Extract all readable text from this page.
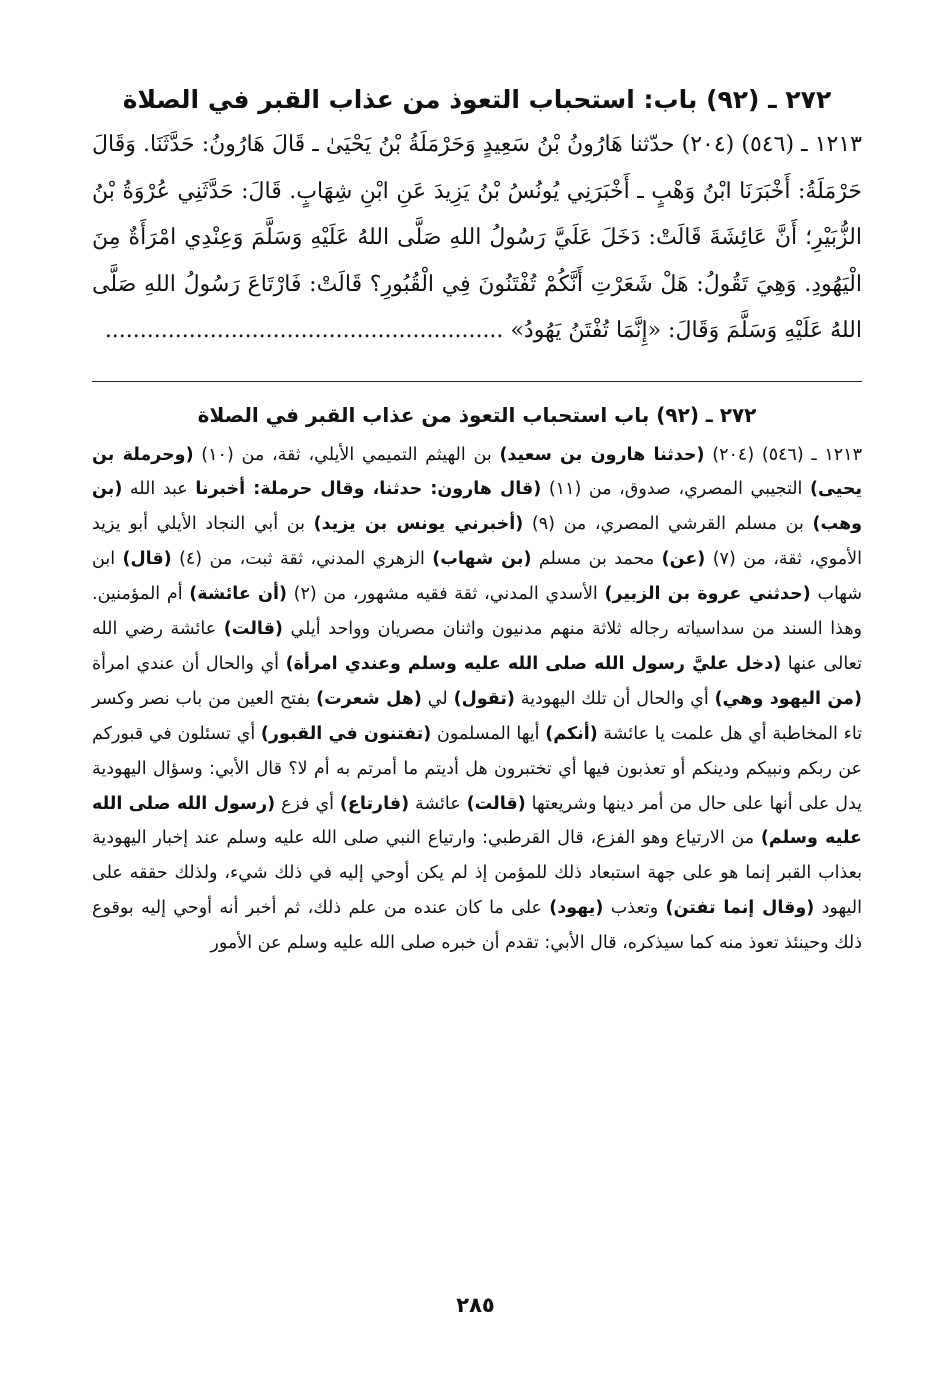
٢٧٢ ـ (٩٢) باب: استحباب التعوذ من عذاب القبر في الصلاة

١٢١٣ ـ (٥٤٦) (٢٠٤) حدّثنا هَارُونُ بْنُ سَعِيدٍ وَحَرْمَلَةُ بْنُ يَحْيَىٰ ـ قَالَ هَارُونُ: حَدَّثَنَا. وَقَالَ حَرْمَلَةُ: أَخْبَرَنَا ابْنُ وَهْبٍ ـ أَخْبَرَنِي يُونُسُ بْنُ يَزِيدَ عَنِ ابْنِ شِهَابٍ. قَالَ: حَدَّثَنِي عُرْوَةُ بْنُ الزُّبَيْرِ؛ أَنَّ عَائِشَةَ قَالَتْ: دَخَلَ عَلَيَّ رَسُولُ اللهِ صَلَّى اللهُ عَلَيْهِ وَسَلَّمَ وَعِنْدِي امْرَأَةٌ مِنَ الْيَهُودِ. وَهِيَ تَقُولُ: هَلْ شَعَرْتِ أَنَّكُمْ تُفْتَنُونَ فِي الْقُبُورِ؟ قَالَتْ: فَارْتَاعَ رَسُولُ اللهِ صَلَّى اللهُ عَلَيْهِ وَسَلَّمَ وَقَالَ: «إِنَّمَا تُفْتَنُ يَهُودُ» .........................................................

٢٧٢ ـ (٩٢) باب استحباب التعوذ من عذاب القبر في الصلاة

١٢١٣ ـ (٥٤٦) (٢٠٤) (حدثنا هارون بن سعيد) بن الهيثم التميمي الأيلي، ثقة، من (١٠) (وحرملة بن يحيى) التجيبي المصري، صدوق، من (١١) (قال هارون: حدثنا، وقال حرملة: أخبرنا عبد الله (بن وهب) بن مسلم القرشي المصري، من (٩) (أخبرني يونس بن يزيد) بن أبي النجاد الأيلي أبو يزيد الأموي، ثقة، من (٧) (عن) محمد بن مسلم (بن شهاب) الزهري المدني، ثقة ثبت، من (٤) (قال) ابن شهاب (حدثني عروة بن الزبير) الأسدي المدني، ثقة فقيه مشهور، من (٢) (أن عائشة) أم المؤمنين. وهذا السند من سداسياته رجاله ثلاثة منهم مدنيون واثنان مصريان وواحد أيلي (قالت) عائشة رضي الله تعالى عنها (دخل عليَّ رسول الله صلى الله عليه وسلم وعندي امرأة) أي والحال أن عندي امرأة (من اليهود وهي) أي والحال أن تلك اليهودية (تقول) لي (هل شعرت) بفتح العين من باب نصر وكسر تاء المخاطبة أي هل علمت يا عائشة (أنكم) أيها المسلمون (تفتنون في القبور) أي تسئلون في قبوركم عن ربكم ونبيكم ودينكم أو تعذبون فيها أي تختبرون هل أديتم ما أمرتم به أم لا؟ قال الأبي: وسؤال اليهودية يدل على أنها على حال من أمر دينها وشريعتها (قالت) عائشة (فارتاع) أي فزع (رسول الله صلى الله عليه وسلم) من الارتياع وهو الفزع، قال القرطبي: وارتياع النبي صلى الله عليه وسلم عند إخبار اليهودية بعذاب القبر إنما هو على جهة استبعاد ذلك للمؤمن إذ لم يكن أوحي إليه في ذلك شيء، ولذلك حققه على اليهود (وقال إنما تفتن) وتعذب (يهود) على ما كان عنده من علم ذلك، ثم أخبر أنه أوحي إليه بوقوع ذلك وحينئذ تعوذ منه كما سيذكره، قال الأبي: تقدم أن خبره صلى الله عليه وسلم عن الأمور

٢٨٥
